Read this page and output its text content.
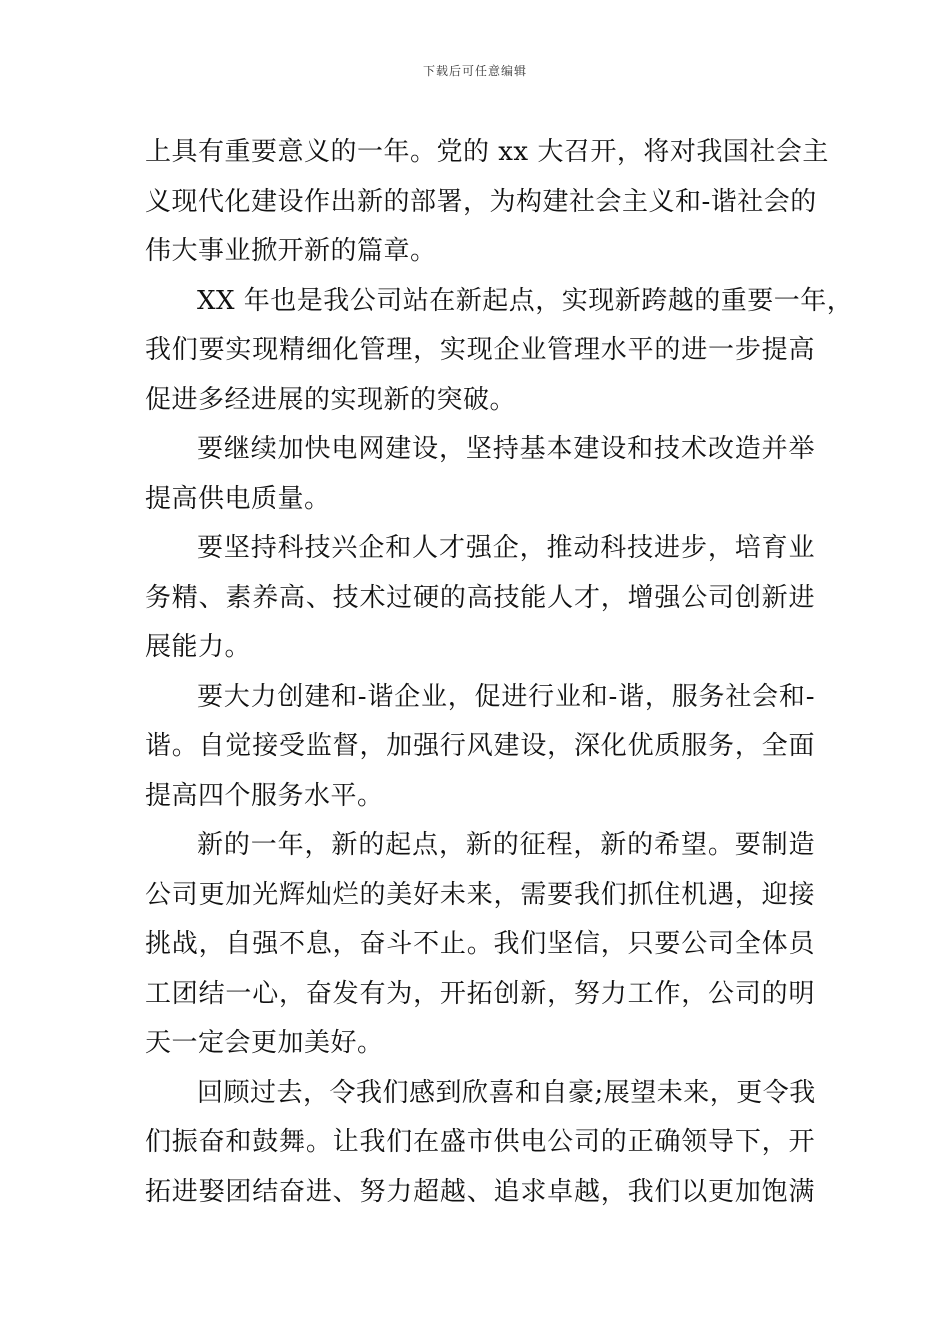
下载后可任意编辑
上具有重要意义的一年。党的 xx 大召开，将对我国社会主
义现代化建设作出新的部署，为构建社会主义和-谐社会的
伟大事业掀开新的篇章。
XX 年也是我公司站在新起点，实现新跨越的重要一年，
我们要实现精细化管理，实现企业管理水平的进一步提高
促进多经进展的实现新的突破。
要继续加快电网建设，坚持基本建设和技术改造并举
提高供电质量。
要坚持科技兴企和人才强企，推动科技进步，培育业
务精、素养高、技术过硬的高技能人才，增强公司创新进
展能力。
要大力创建和-谐企业，促进行业和-谐，服务社会和-
谐。自觉接受监督，加强行风建设，深化优质服务，全面
提高四个服务水平。
新的一年，新的起点，新的征程，新的希望。要制造
公司更加光辉灿烂的美好未来，需要我们抓住机遇，迎接
挑战，自强不息，奋斗不止。我们坚信，只要公司全体员
工团结一心，奋发有为，开拓创新，努力工作，公司的明
天一定会更加美好。
回顾过去，令我们感到欣喜和自豪;展望未来，更令我
们振奋和鼓舞。让我们在盛市供电公司的正确领导下，开
拓进娶团结奋进、努力超越、追求卓越，我们以更加饱满
